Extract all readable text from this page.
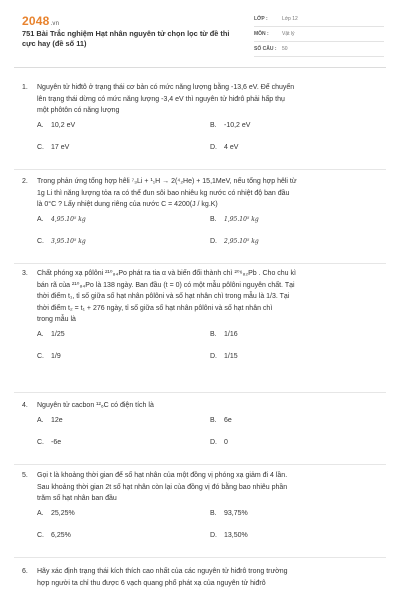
2048.vn
751 Bài Trắc nghiệm Hạt nhân nguyên tử chọn lọc từ đề thi cực hay (đề số 11)
LỚP :	Lớp 12
MÔN :	Vật lý
SỐ CÂU :	50
1. Nguyên tử hiđtô ở trạng thái cơ bản có mức năng lượng bằng -13,6 eV. Để chuyển
lên trạng thái dừng có mức năng lượng -3,4 eV thì nguyên tử hiđrô phải hấp thụ
một phôtôn có năng lượng
A. 10,2 eV	B. -10,2 eV
C. 17 eV	D. 4 eV
2. Trong phản ứng tổng hợp hêli ⁷₃Li + ¹₁H → 2(⁴₂He) + 15,1MeV, nếu tổng hợp hêli từ
1g Li thì năng lượng tỏa ra có thể đun sôi bao nhiêu kg nước có nhiệt độ ban đầu
là 0°C ? Lấy nhiệt dung riêng của nước C = 4200(J / kg.K)
A. 4,95.10⁵ kg	B. 1,95.10⁵ kg
C. 3,95.10⁵ kg	D. 2,95.10⁵ kg
3. Chất phóng xạ pôlôni ²¹⁰₈₄Po phát ra tia α và biến đổi thành chì ²⁰⁶₈₂Pb . Cho chu kì
bán rã của ²¹⁰₈₄Po là 138 ngày. Ban đầu (t = 0) có một mẫu pôlôni nguyên chất. Tại
thời điểm t₁, tỉ số giữa số hạt nhân pôlôni và số hạt nhân chì trong mẫu là 1/3. Tại
thời điểm t₂ = t₁ + 276 ngày, tỉ số giữa số hạt nhân pôlôni và số hạt nhân chì
trong mẫu là
A. 1/25	B. 1/16
C. 1/9	D. 1/15
4. Nguyên tử cacbon ¹²₆C có điện tích là
A. 12e	B. 6e
C. -6e	D. 0
5. Gọi t là khoảng thời gian để số hạt nhân của một đồng vị phóng xạ giảm đi 4 lần.
Sau khoảng thời gian 2t số hạt nhân còn lại của đồng vị đó bằng bao nhiêu phần
trăm số hạt nhân ban đầu
A. 25,25%	B. 93,75%
C. 6,25%	D. 13,50%
6. Hãy xác định trạng thái kích thích cao nhất của các nguyên tử hiđrô trong trường
hợp người ta chỉ thu được 6 vạch quang phổ phát xạ của nguyên tử hiđrô
